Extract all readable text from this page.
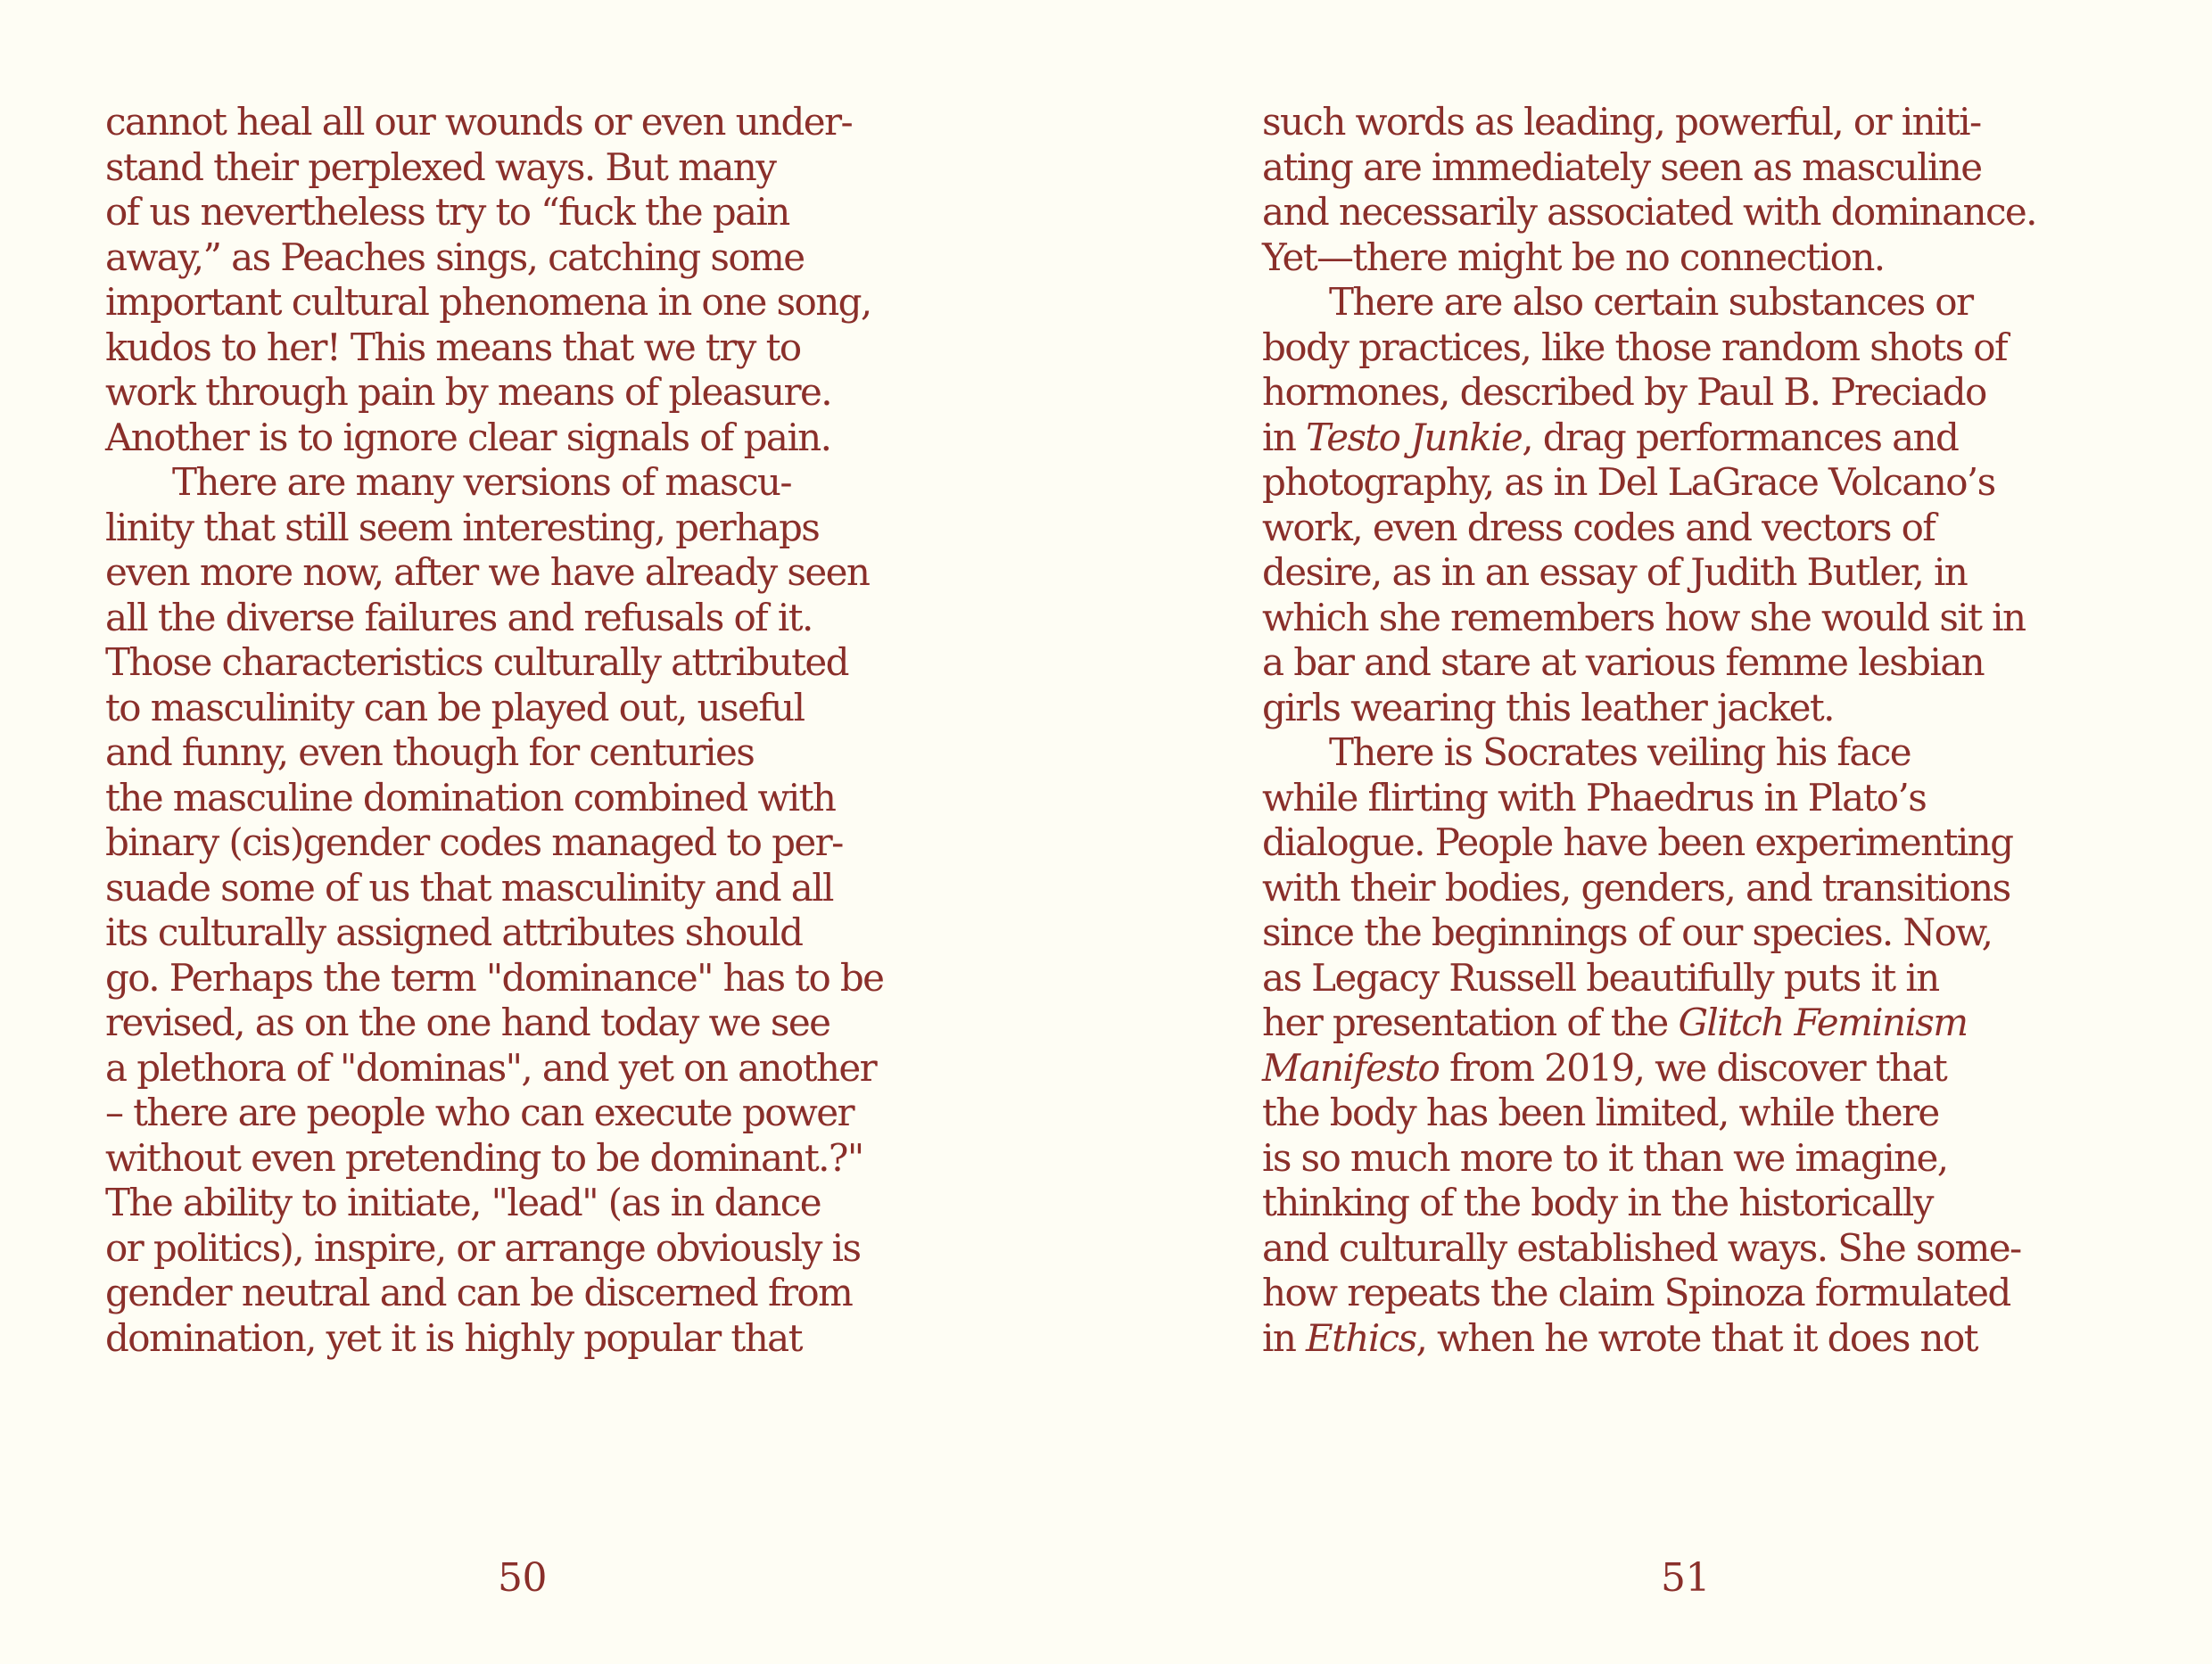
cannot heal all our wounds or even under-
stand their perplexed ways. But many
of us nevertheless try to “fuck the pain
away,” as Peaches sings, catching some
important cultural phenomena in one song,
kudos to her! This means that we try to
work through pain by means of pleasure.
Another is to ignore clear signals of pain.
There are many versions of mascu-
linity that still seem interesting, perhaps
even more now, after we have already seen
all the diverse failures and refusals of it.
Those characteristics culturally attributed
to masculinity can be played out, useful
and funny, even though for centuries
the masculine domination combined with
binary (cis)gender codes managed to per-
suade some of us that masculinity and all
its culturally assigned attributes should
go. Perhaps the term "dominance" has to be
revised, as on the one hand today we see
a plethora of "dominas", and yet on another
– there are people who can execute power
without even pretending to be dominant.?"
The ability to initiate, "lead" (as in dance
or politics), inspire, or arrange obviously is
gender neutral and can be discerned from
domination, yet it is highly popular that
50
such words as leading, powerful, or initi-
ating are immediately seen as masculine
and necessarily associated with dominance.
Yet—there might be no connection.
There are also certain substances or
body practices, like those random shots of
hormones, described by Paul B. Preciado
in Testo Junkie, drag performances and
photography, as in Del LaGrace Volcano’s
work, even dress codes and vectors of
desire, as in an essay of Judith Butler, in
which she remembers how she would sit in
a bar and stare at various femme lesbian
girls wearing this leather jacket.
There is Socrates veiling his face
while flirting with Phaedrus in Plato’s
dialogue. People have been experimenting
with their bodies, genders, and transitions
since the beginnings of our species. Now,
as Legacy Russell beautifully puts it in
her presentation of the Glitch Feminism
Manifesto from 2019, we discover that
the body has been limited, while there
is so much more to it than we imagine,
thinking of the body in the historically
and culturally established ways. She some-
how repeats the claim Spinoza formulated
in Ethics, when he wrote that it does not
51
